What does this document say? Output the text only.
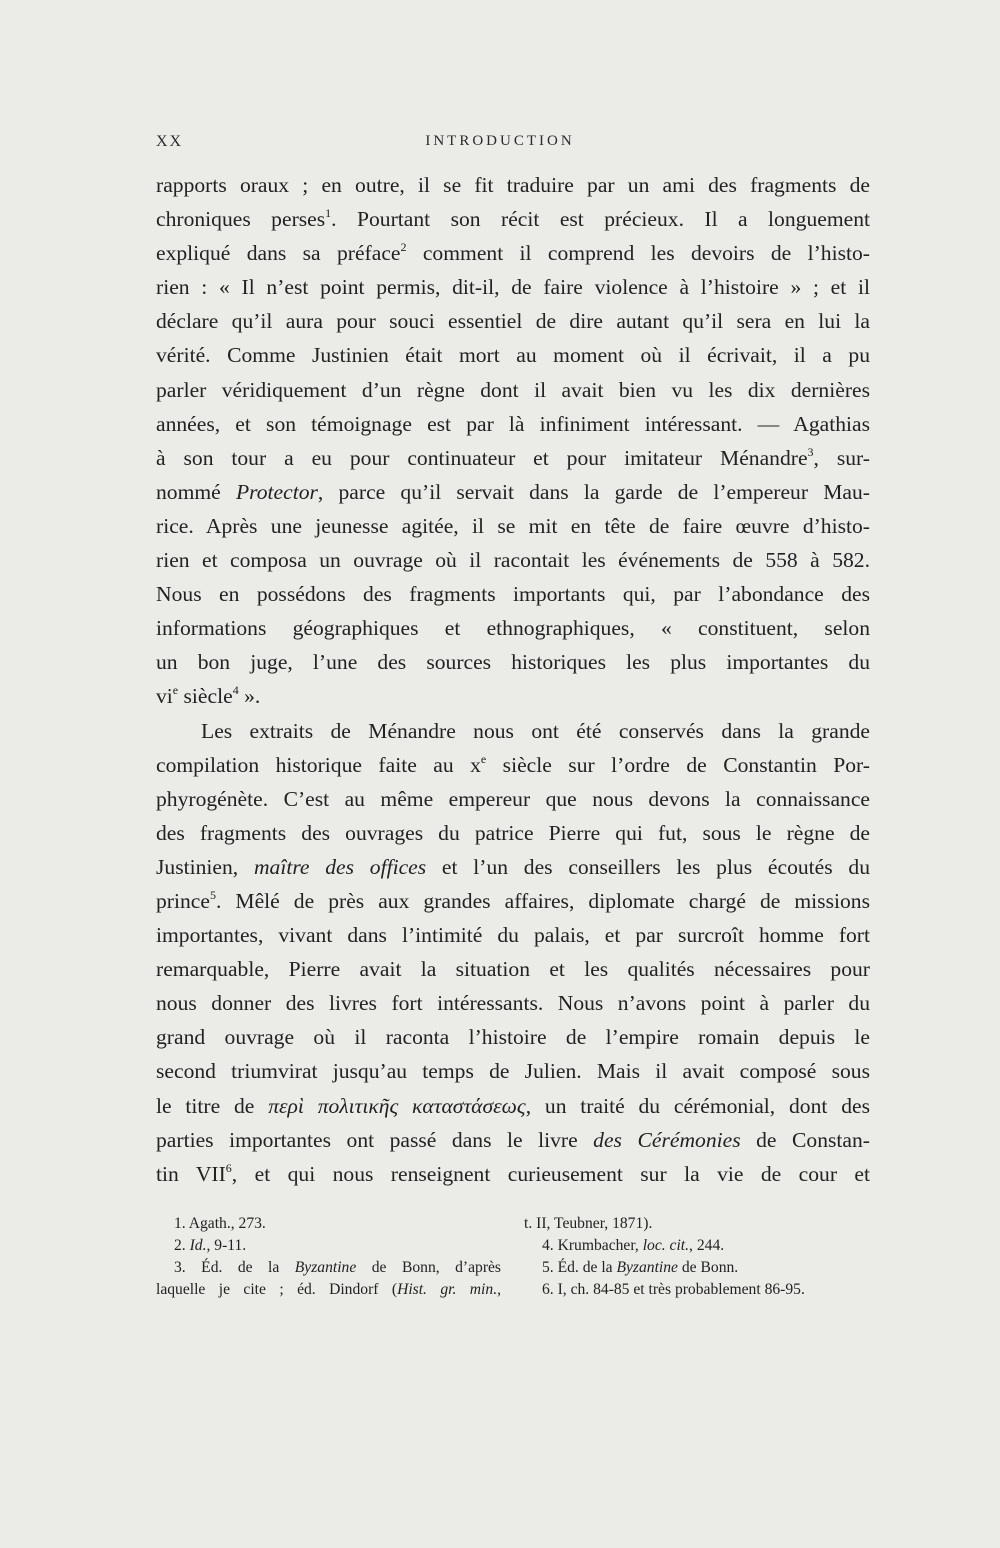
XX	INTRODUCTION
rapports oraux ; en outre, il se fit traduire par un ami des fragments de
chroniques perses$^1$. Pourtant son récit est précieux. Il a longuement
expliqué dans sa préface$^2$ comment il comprend les devoirs de l’histo-
rien : « Il n’est point permis, dit-il, de faire violence à l’histoire » ; et il
déclare qu’il aura pour souci essentiel de dire autant qu’il sera en lui la
vérité. Comme Justinien était mort au moment où il écrivait, il a pu
parler véridiquement d’un règne dont il avait bien vu les dix dernières
années, et son témoignage est par là infiniment intéressant. — Agathias
à son tour a eu pour continuateur et pour imitateur Ménandre$^3$, sur-
nommé Protector, parce qu’il servait dans la garde de l’empereur Mau-
rice. Après une jeunesse agitée, il se mit en tête de faire œuvre d’histo-
rien et composa un ouvrage où il racontait les événements de 558 à 582.
Nous en possédons des fragments importants qui, par l’abondance des
informations géographiques et ethnographiques, « constituent, selon
un bon juge, l’une des sources historiques les plus importantes du
$vi^e$ siècle$^4$ ».
Les extraits de Ménandre nous ont été conservés dans la grande
compilation historique faite au $x^e$ siècle sur l’ordre de Constantin Por-
phyrogénète. C’est au même empereur que nous devons la connaissance
des fragments des ouvrages du patrice Pierre qui fut, sous le règne de
Justinien, maître des offices et l’un des conseillers les plus écoutés du
prince$^5$. Mêlé de près aux grandes affaires, diplomate chargé de missions
importantes, vivant dans l’intimité du palais, et par surcroît homme fort
remarquable, Pierre avait la situation et les qualités nécessaires pour
nous donner des livres fort intéressants. Nous n’avons point à parler du
grand ouvrage où il raconta l’histoire de l’empire romain depuis le
second triumvirat jusqu’au temps de Julien. Mais il avait composé sous
le titre de περὶ πολιτικῆς καταστάσεως, un traité du cérémonial, dont des
parties importantes ont passé dans le livre des Cérémonies de Constan-
tin VII$^6$, et qui nous renseignent curieusement sur la vie de cour et
1. Agath., 273.
2. Id., 9-11.
3. Éd. de la Byzantine de Bonn, d’après
laquelle je cite ; éd. Dindorf (Hist. gr. min.,
t. II, Teubner, 1871).
4. Krumbacher, loc. cit., 244.
5. Éd. de la Byzantine de Bonn.
6. I, ch. 84-85 et très probablement 86-95.
